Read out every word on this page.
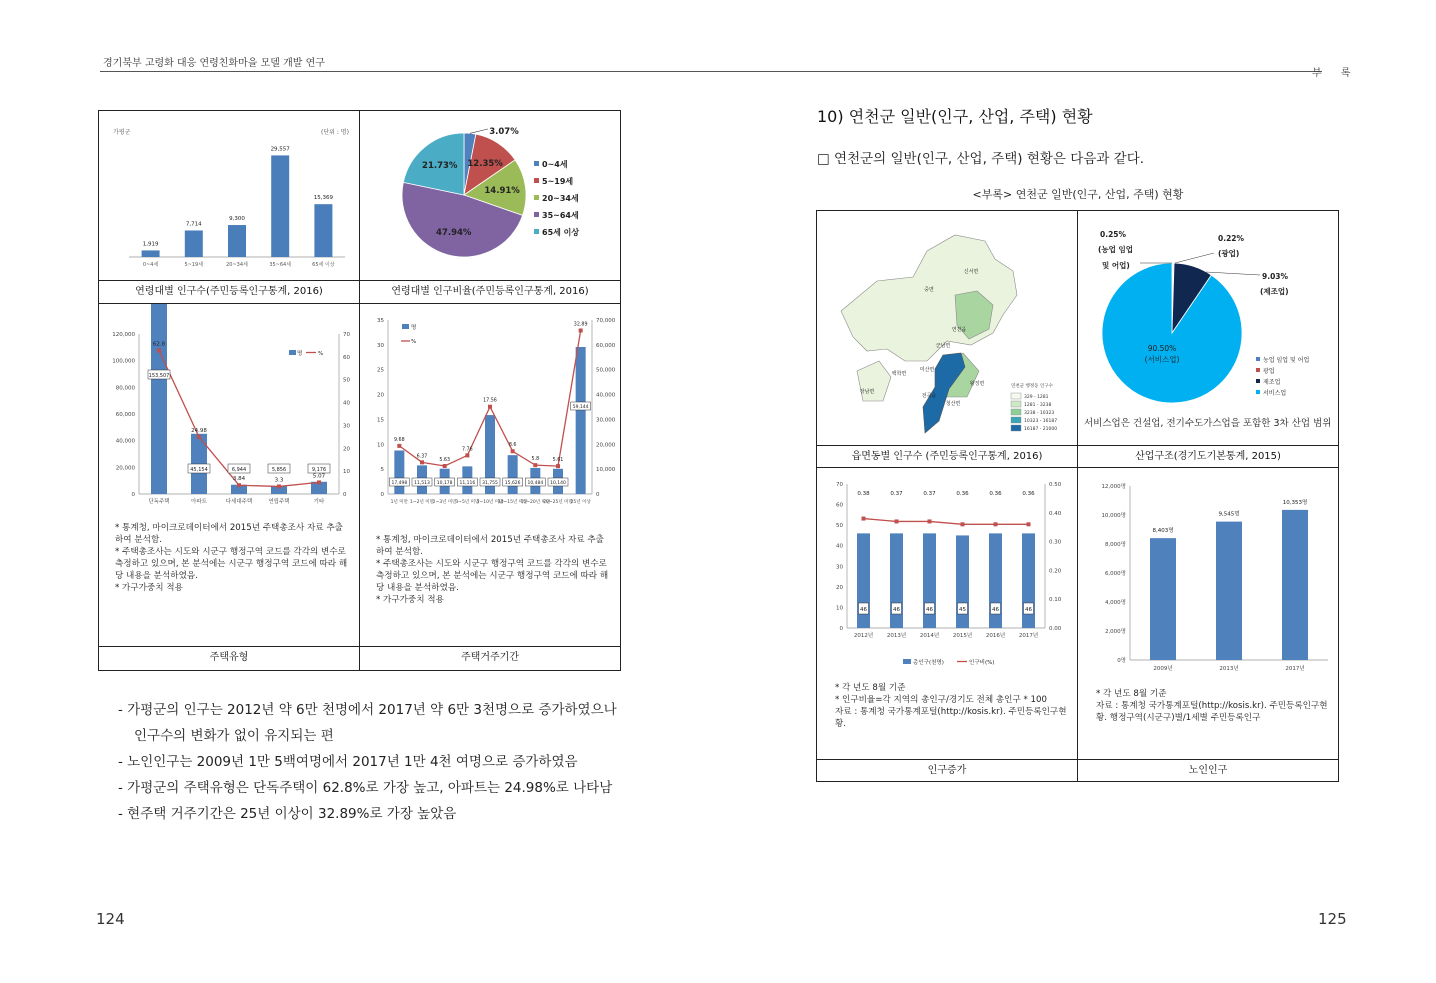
경기북부 고령화 대응 연령친화마을 모델 개발 연구
부 록
가평군	(단위 : 명)
1,919
0~4세
7,714
5~19세
9,300
20~34세
29,557
35~64세
15,369
65세 이상
연령대별 인구수(주민등록인구통계, 2016)
3.07%
12.35%
14.91%
47.94%
21.73%	0~4세
5~19세
20~34세
35~64세
65세 이상
연령대별 인구비율(주민등록인구통계, 2016)
0
20,000
40,000
60,000
80,000
100,000
120,000
0
10
20
30
40
50
60
70
단독주택	아파트	다세대주택	연립주택	기타
62.8
153,507
24.98
45,154
3.84
6,944
3.3
5,856
5.07
9,176
명	%
* 통계청, 마이크로데이터에서 2015년 주택총조사 자료 추출하여 분석함.
* 주택총조사는 시도와 시군구 행정구역 코드를 각각의 변수로 측정하고 있으며, 본 분석에는 시군구 행정구역 코드에 따라 해당 내용을 분석하였음.
* 가구가중치 적용
주택유형
0
5
10
15
20
25
30
35
0
10,000
20,000
30,000
40,000
50,000
60,000
70,000
1년 미만 1~2년 미만
2~3년 미만
3~5년 미만
5~10년 미만
10~15년 미만
15~20년 미만
20~25년 미만
25년 이상
9.68
17,498
6.37
11,513
5.63
10,178
7.76
11,116
17.56
31,755
8.6
15,626
5.8
10,484
5.61
10,140
32.89
59,144
명
%
* 통계청, 마이크로데이터에서 2015년 주택총조사 자료 추출하여 분석함.
* 주택총조사는 시도와 시군구 행정구역 코드를 각각의 변수로 측정하고 있으며, 본 분석에는 시군구 행정구역 코드에 따라 해당 내용을 분석하였음.
* 가구가중치 적용
주택거주기간
- 가평군의 인구는 2012년 약 6만 천명에서 2017년 약 6만 3천명으로 증가하였으나
인구수의 변화가 없이 유지되는 편
- 노인인구는 2009년 1만 5백여명에서 2017년 1만 4천 여명으로 증가하였음
- 가평군의 주택유형은 단독주택이 62.8%로 가장 높고, 아파트는 24.98%로 나타남
- 현주택 거주기간은 25년 이상이 32.89%로 가장 높았음
124	125
10) 연천군 일반(인구, 산업, 주택) 현황
□ 연천군의 일반(인구, 산업, 주택) 현황은 다음과 같다.
<부록> 연천군 일반(인구, 산업, 주택) 현황
신서면
중면
백학면
미산면
연천읍
군남면
왕징면
청산면
전곡읍
장남면
연천군 행정동 인구수
329 - 1281
1281 - 3238
3238 - 10323
10323 - 16187
16187 - 21000
읍면동별 인구수 (주민등록인구통계, 2016)
90.50%
(서비스업)
0.25%
(농업 임업
및 어업)
0.22%
(광업)
9.03%
(제조업)
농업 임업 및 어업
광업
제조업
서비스업
서비스업은 건설업, 전기수도가스업을 포함한 3차 산업 범위
산업구조(경기도기본통계, 2015)
0
10
20
30
40
50
60
70
0.00
0.10
0.20
0.30
0.40
0.50
2012년 2013년 2014년 2015년 2016년 2017년
0.38
46
0.37
46
0.37
46
0.36
45
0.36
46
0.36
46
총인구(천명)	인구비(%)
* 각 년도 8월 기준
* 인구비율=각 지역의 총인구/경기도 전체 총인구 * 100
자료 : 통계청 국가통계포털(http://kosis.kr). 주민등록인구현황.
인구증가
0명
2,000명
4,000명
6,000명
8,000명
10,000명
12,000명
8,403명
2009년
9,545명
2013년
10,353명
2017년
* 각 년도 8월 기준
자료 : 통계청 국가통계포털(http://kosis.kr). 주민등록인구현황. 행정구역(시군구)별/1세별 주민등록인구
노인인구
